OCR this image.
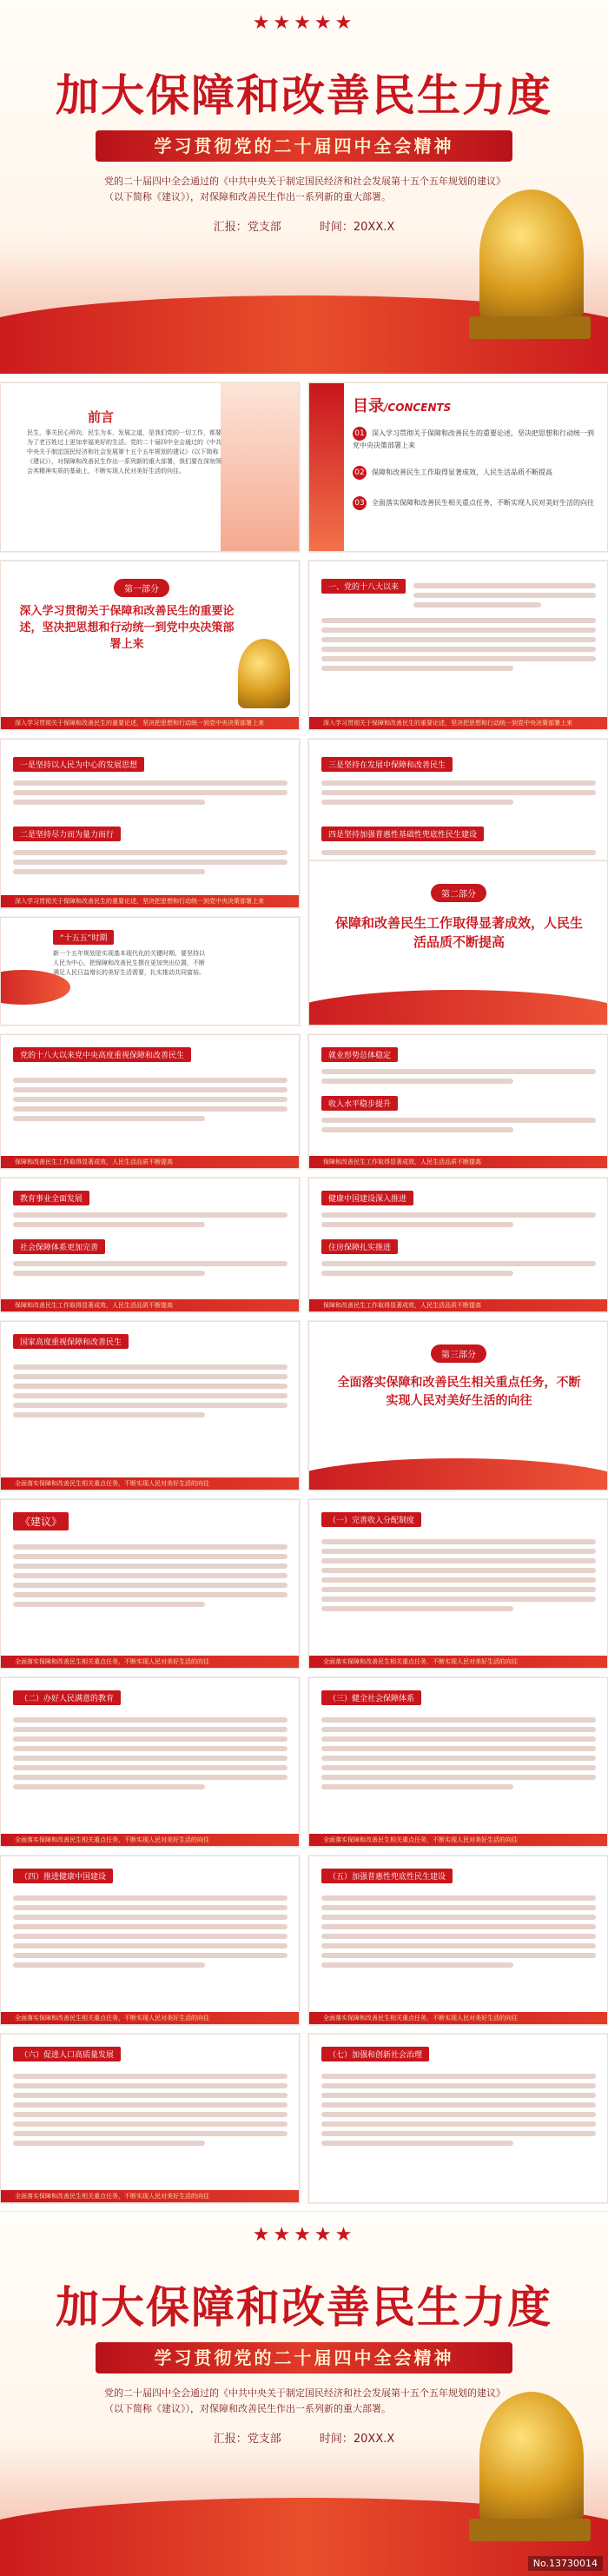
★★★★★
加大保障和改善民生力度
学习贯彻党的二十届四中全会精神
党的二十届四中全会通过的《中共中央关于制定国民经济和社会发展第十五个五年规划的建议》（以下简称《建议》），对保障和改善民生作出一系列新的重大部署。
汇报：党支部	时间：20XX.X
前言
民生，事关民心所向，民生为本，发展之道，是我们党的一切工作，都要为了老百姓过上更加幸福美好的生活。党的二十届四中全会通过的《中共中央关于制定国民经济和社会发展第十五个五年规划的建议》（以下简称《建议》），对保障和改善民生作出一系列新的重大部署，我们要在深刻领会其精神实质的基础上，不断实现人民对美好生活的向往。
目录/CONCENTS
01 深入学习贯彻关于保障和改善民生的重要论述，坚决把思想和行动统一到党中央决策部署上来
02 保障和改善民生工作取得显著成效，人民生活品质不断提高
03 全面落实保障和改善民生相关重点任务，不断实现人民对美好生活的向往
第一部分
深入学习贯彻关于保障和改善民生的重要论述，坚决把思想和行动统一到党中央决策部署上来
深入学习贯彻关于保障和改善民生的重要论述，坚决把思想和行动统一到党中央决策部署上来
一、党的十八大以来
深入学习贯彻关于保障和改善民生的重要论述，坚决把思想和行动统一到党中央决策部署上来
一是坚持以人民为中心的发展思想
二是坚持尽力而为量力而行
深入学习贯彻关于保障和改善民生的重要论述，坚决把思想和行动统一到党中央决策部署上来
三是坚持在发展中保障和改善民生
四是坚持加强普惠性基础性兜底性民生建设
“十五五”时期
新一个五年规划是实现基本现代化的关键时期，要坚持以人民为中心，把保障和改善民生摆在更加突出位置，不断满足人民日益增长的美好生活需要，扎实推动共同富裕。
第二部分
保障和改善民生工作取得显著成效，人民生活品质不断提高
党的十八大以来党中央高度重视保障和改善民生
保障和改善民生工作取得显著成效，人民生活品质不断提高
就业形势总体稳定
收入水平稳步提升
保障和改善民生工作取得显著成效，人民生活品质不断提高
教育事业全面发展
社会保障体系更加完善
保障和改善民生工作取得显著成效，人民生活品质不断提高
健康中国建设深入推进
住房保障扎实推进
保障和改善民生工作取得显著成效，人民生活品质不断提高
国家高度重视保障和改善民生
全面落实保障和改善民生相关重点任务，不断实现人民对美好生活的向往
第三部分
全面落实保障和改善民生相关重点任务，不断实现人民对美好生活的向往
《建议》
全面落实保障和改善民生相关重点任务，不断实现人民对美好生活的向往
（一）完善收入分配制度
全面落实保障和改善民生相关重点任务，不断实现人民对美好生活的向往
（二）办好人民满意的教育
全面落实保障和改善民生相关重点任务，不断实现人民对美好生活的向往
（三）健全社会保障体系
全面落实保障和改善民生相关重点任务，不断实现人民对美好生活的向往
（四）推进健康中国建设
全面落实保障和改善民生相关重点任务，不断实现人民对美好生活的向往
（五）加强普惠性兜底性民生建设
全面落实保障和改善民生相关重点任务，不断实现人民对美好生活的向往
（六）促进人口高质量发展
全面落实保障和改善民生相关重点任务，不断实现人民对美好生活的向往
（七）加强和创新社会治理
★★★★★
加大保障和改善民生力度
学习贯彻党的二十届四中全会精神
党的二十届四中全会通过的《中共中央关于制定国民经济和社会发展第十五个五年规划的建议》（以下简称《建议》），对保障和改善民生作出一系列新的重大部署。
汇报：党支部	时间：20XX.X
No.13730014
